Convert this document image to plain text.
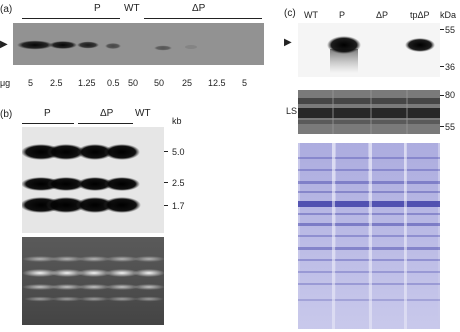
(a)	P WT	ΔP
▶
μg 5 2.5 1.25 0.5 50 50 25 12.5 5
(b)	P	ΔP WT
kb
5.0
2.5
1.7
(c) WT P	ΔP tpΔP kDa
▶
55
36
LS
80
55
